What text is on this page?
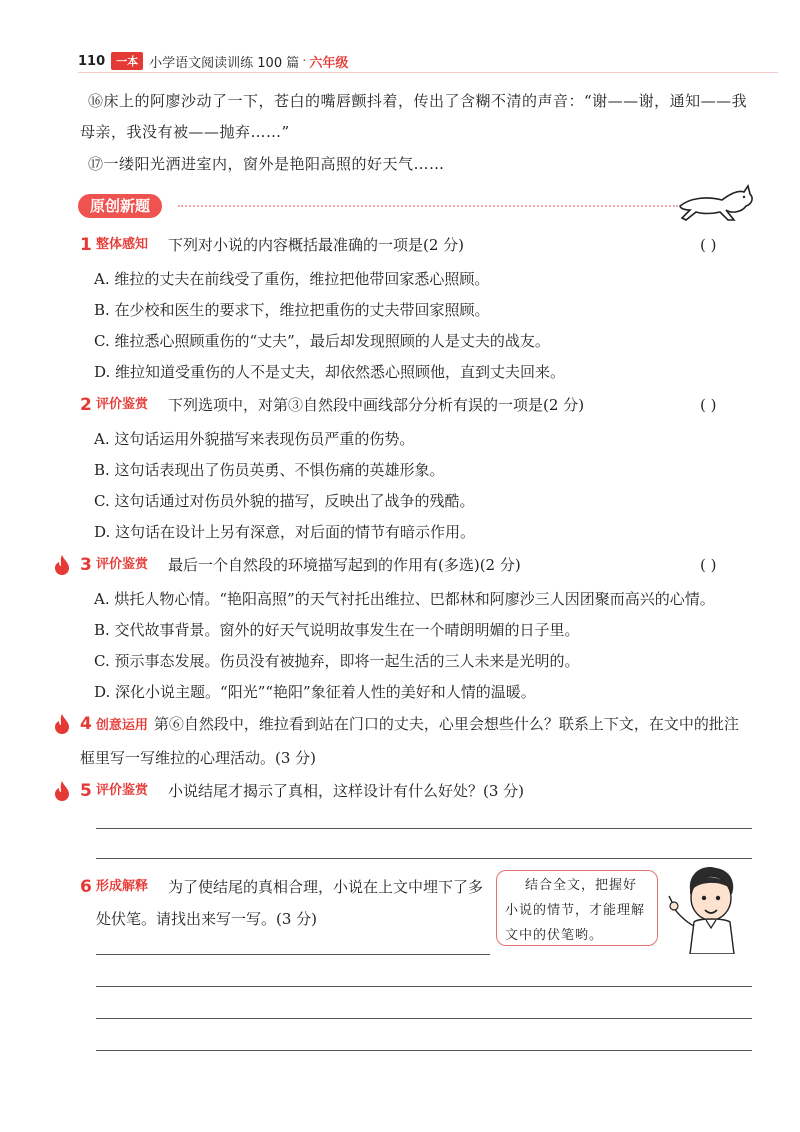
110	一本 小学语文阅读训练 100 篇 · 六年级
⑯床上的阿廖沙动了一下，苍白的嘴唇颤抖着，传出了含糊不清的声音：“谢——谢，通知——我母亲，我没有被——抛弃……”
⑰一缕阳光洒进室内，窗外是艳阳高照的好天气……
原创新题
1 整体感知 下列对小说的内容概括最准确的一项是(2 分)	( )
A. 维拉的丈夫在前线受了重伤，维拉把他带回家悉心照顾。
B. 在少校和医生的要求下，维拉把重伤的丈夫带回家照顾。
C. 维拉悉心照顾重伤的“丈夫”，最后却发现照顾的人是丈夫的战友。
D. 维拉知道受重伤的人不是丈夫，却依然悉心照顾他，直到丈夫回来。
2 评价鉴赏 下列选项中，对第③自然段中画线部分分析有误 · ·的一项是(2 分)	( )
A. 这句话运用外貌描写来表现伤员严重的伤势。
B. 这句话表现出了伤员英勇、不惧伤痛的英雄形象。
C. 这句话通过对伤员外貌的描写，反映出了战争的残酷。
D. 这句话在设计上另有深意，对后面的情节有暗示作用。
3 评价鉴赏 最后一个自然段的环境描写起到的作用有(多选)(2 分)	( )
A. 烘托人物心情。“艳阳高照”的天气衬托出维拉、巴都林和阿廖沙三人因团聚而高兴的心情。
B. 交代故事背景。窗外的好天气说明故事发生在一个晴朗明媚的日子里。
C. 预示事态发展。伤员没有被抛弃，即将一起生活的三人未来是光明的。
D. 深化小说主题。“阳光”“艳阳”象征着人性的美好和人情的温暖。
4 创意运用 第⑥自然段中，维拉看到站在门口的丈夫，心里会想些什么？联系上下文，在文中的批注框里写一写维拉的心理活动。(3 分)
5 评价鉴赏 小说结尾才揭示了真相，这样设计有什么好处？(3 分)
6 形成解释 为了使结尾的真相合理，小说在上文中埋下了多
处伏笔。请找出来写一写。(3 分)
结合全文，把握好
小说的情节，才能理解
文中的伏笔哟。
